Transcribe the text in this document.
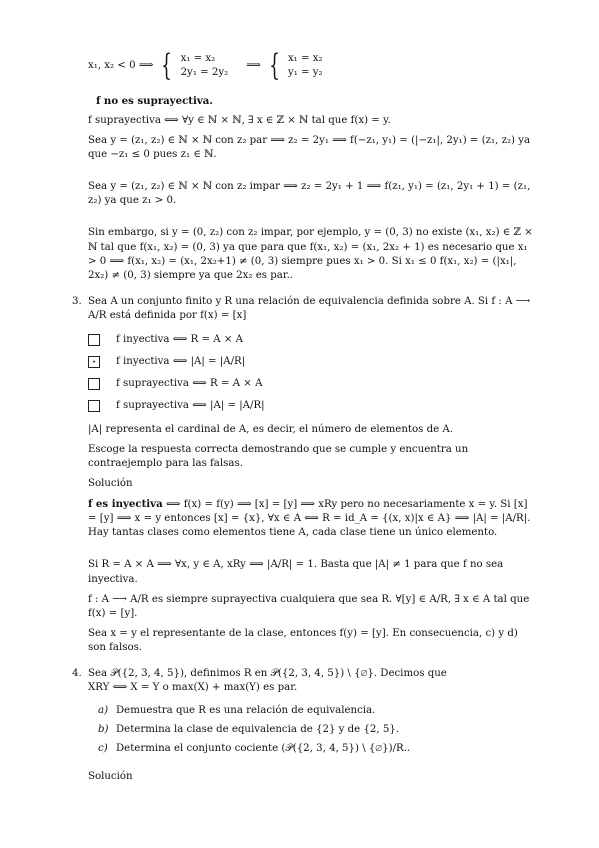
x₁, x₂ < 0 ⟹ { x₁ = x₂
2y₁ = 2y₂
⟹ { x₁ = x₂
y₁ = y₂

f no es suprayectiva.

f suprayectiva ⟺ ∀y ∈ ℕ × ℕ, ∃ x ∈ ℤ × ℕ tal que f(x) = y.

Sea y = (z₁, z₂) ∈ ℕ × ℕ con z₂ par ⟹ z₂ = 2y₁ ⟹ f(−z₁, y₁) = (|−z₁|, 2y₁) = (z₁, z₂) ya que −z₁ ≤ 0 pues z₁ ∈ ℕ.

Sea y = (z₁, z₂) ∈ ℕ × ℕ con z₂ impar ⟹ z₂ = 2y₁ + 1 ⟹ f(z₁, y₁) = (z₁, 2y₁ + 1) = (z₁, z₂) ya que z₁ > 0.

Sin embargo, si y = (0, z₂) con z₂ impar, por ejemplo, y = (0, 3) no existe (x₁, x₂) ∈ ℤ × ℕ tal que f(x₁, x₂) = (0, 3) ya que para que f(x₁, x₂) = (x₁, 2x₂ + 1) es necesario que x₁ > 0 ⟹ f(x₁, x₂) = (x₁, 2x₂+1) ≠ (0, 3) siempre pues x₁ > 0. Si x₁ ≤ 0 f(x₁, x₂) = (|x₁|, 2x₂) ≠ (0, 3) siempre ya que 2x₂ es par..

3. Sea A un conjunto finito y R una relación de equivalencia definida sobre A. Si f : A ⟶ A/R está definida por f(x) = [x]

f inyectiva ⟺ R = A × A
⋆	f inyectiva ⟺ |A| = |A/R|
f suprayectiva ⟺ R = A × A
f suprayectiva ⟺ |A| = |A/R|

|A| representa el cardinal de A, es decir, el número de elementos de A.

Escoge la respuesta correcta demostrando que se cumple y encuentra un contraejemplo para las falsas.

Solución

f es inyectiva ⟺ f(x) = f(y) ⟹ [x] = [y] ⟹ xRy pero no necesariamente x = y. Si [x] = [y] ⟹ x = y entonces [x] = {x}, ∀x ∈ A ⟺ R = id_A = {(x, x)|x ∈ A} ⟹ |A| = |A/R|. Hay tantas clases como elementos tiene A, cada clase tiene un único elemento.

Si R = A × A ⟹ ∀x, y ∈ A, xRy ⟹ |A/R| = 1. Basta que |A| ≠ 1 para que f no sea inyectiva.

f : A ⟶ A/R es siempre suprayectiva cualquiera que sea R. ∀[y] ∈ A/R, ∃ x ∈ A tal que f(x) = [y].

Sea x = y el representante de la clase, entonces f(y) = [y]. En consecuencia, c) y d) son falsos.

4. Sea 𝒫({2, 3, 4, 5}), definimos R en 𝒫({2, 3, 4, 5}) \ {∅}. Decimos que

XRY ⟺ X = Y o max(X) + max(Y) es par.

a) Demuestra que R es una relación de equivalencia.
b) Determina la clase de equivalencia de {2} y de {2, 5}.
c) Determina el conjunto cociente (𝒫({2, 3, 4, 5}) \ {∅})/R..

Solución
